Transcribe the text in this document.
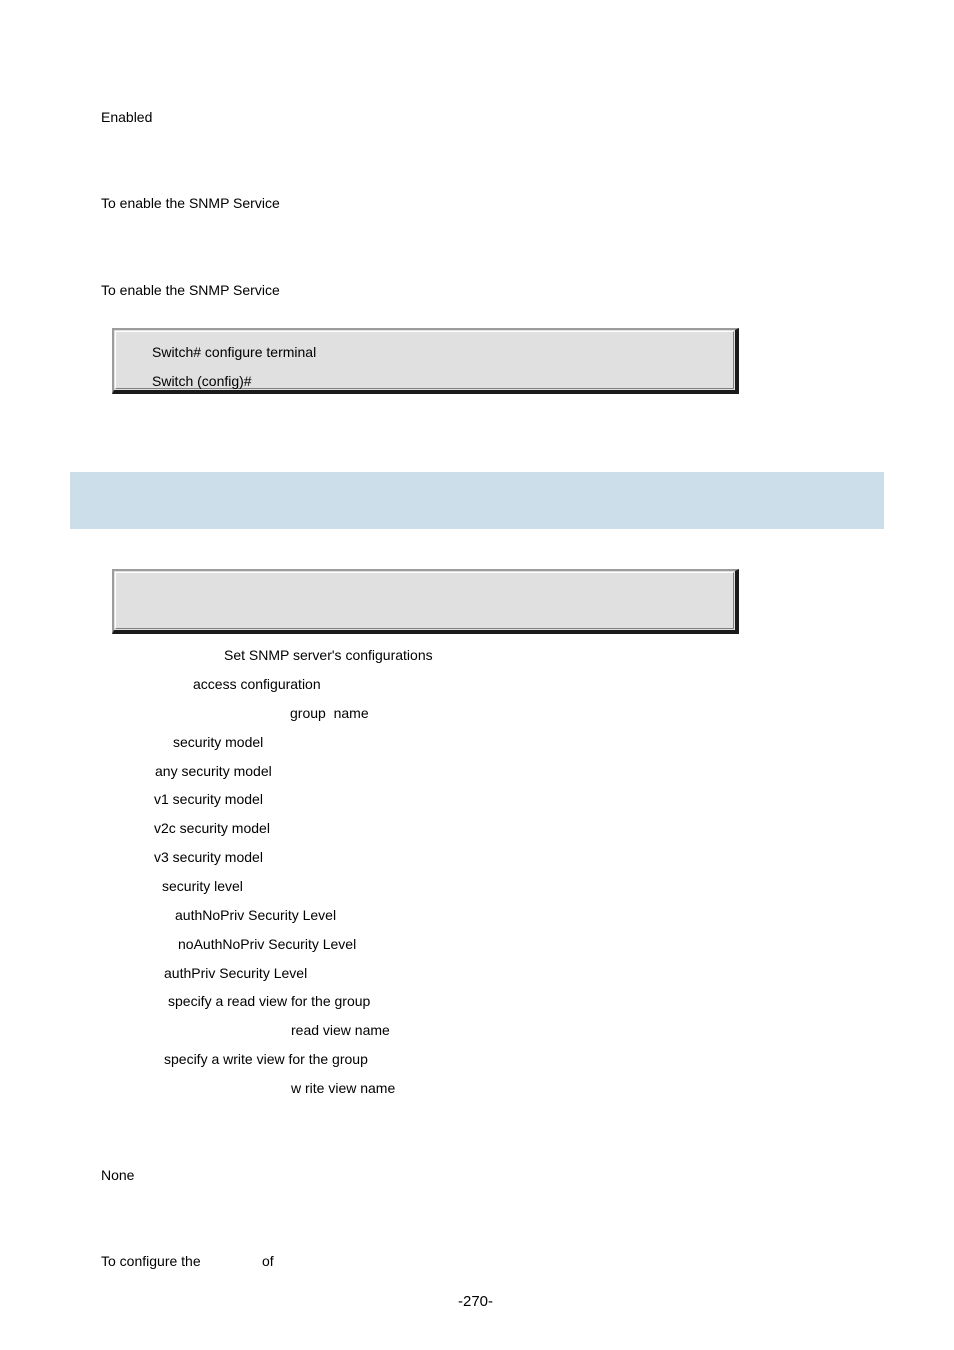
Enabled
To enable the SNMP Service
To enable the SNMP Service
Switch# configure terminal
Switch (config)#
Set SNMP server's configurations
access configuration
group  name
security model
any security model
v1 security model
v2c security model
v3 security model
security level
authNoPriv Security Level
noAuthNoPriv Security Level
authPriv Security Level
specify a read view for the group
read view name
specify a write view for the group
w rite view name
None
To configure the	of
-270-
